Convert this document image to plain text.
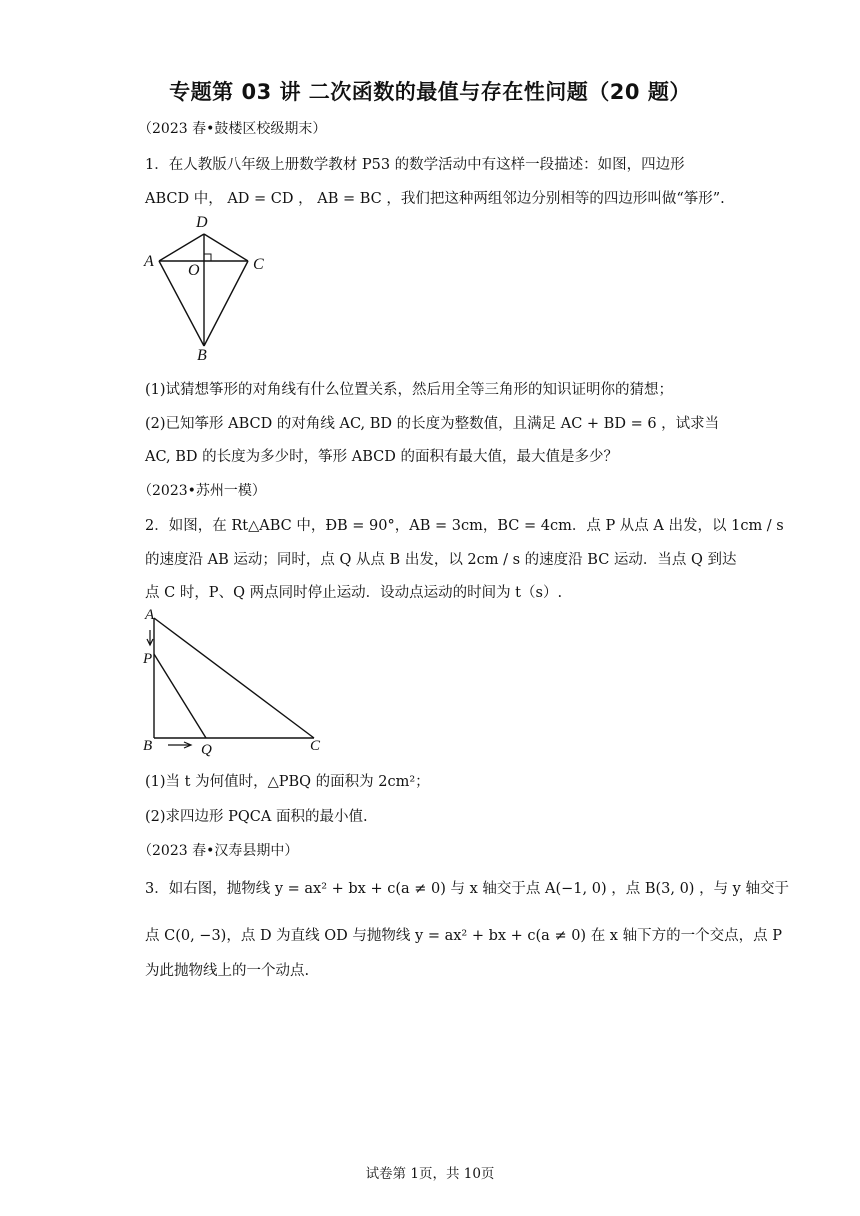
专题第 03 讲 二次函数的最值与存在性问题（20 题）
（2023 春•鼓楼区校级期末）
1．在人教版八年级上册数学教材 P53 的数学活动中有这样一段描述：如图，四边形
ABCD 中， AD = CD ， AB = BC ，我们把这种两组邻边分别相等的四边形叫做“筝形”.
A	C
D
O
B
(1)试猜想筝形的对角线有什么位置关系，然后用全等三角形的知识证明你的猜想；
(2)已知筝形 ABCD 的对角线 AC, BD 的长度为整数值，且满足 AC + BD = 6 ，试求当
AC, BD 的长度为多少时，筝形 ABCD 的面积有最大值，最大值是多少？
（2023•苏州一模）
2．如图，在 Rt△ABC 中，ÐB = 90°，AB = 3cm，BC = 4cm．点 P 从点 A 出发，以 1cm / s
的速度沿 AB 运动；同时，点 Q 从点 B 出发，以 2cm / s 的速度沿 BC 运动．当点 Q 到达
点 C 时，P、Q 两点同时停止运动．设动点运动的时间为 t（s）.
A
P
B	Q	C
(1)当 t 为何值时，△PBQ 的面积为 2cm²；
(2)求四边形 PQCA 面积的最小值.
（2023 春•汉寿县期中）
3．如右图，抛物线 y = ax² + bx + c(a ≠ 0) 与 x 轴交于点 A(−1, 0) ，点 B(3, 0) ，与 y 轴交于
点 C(0, −3)，点 D 为直线 OD 与抛物线 y = ax² + bx + c(a ≠ 0) 在 x 轴下方的一个交点，点 P
为此抛物线上的一个动点.
试卷第 1页，共 10页
